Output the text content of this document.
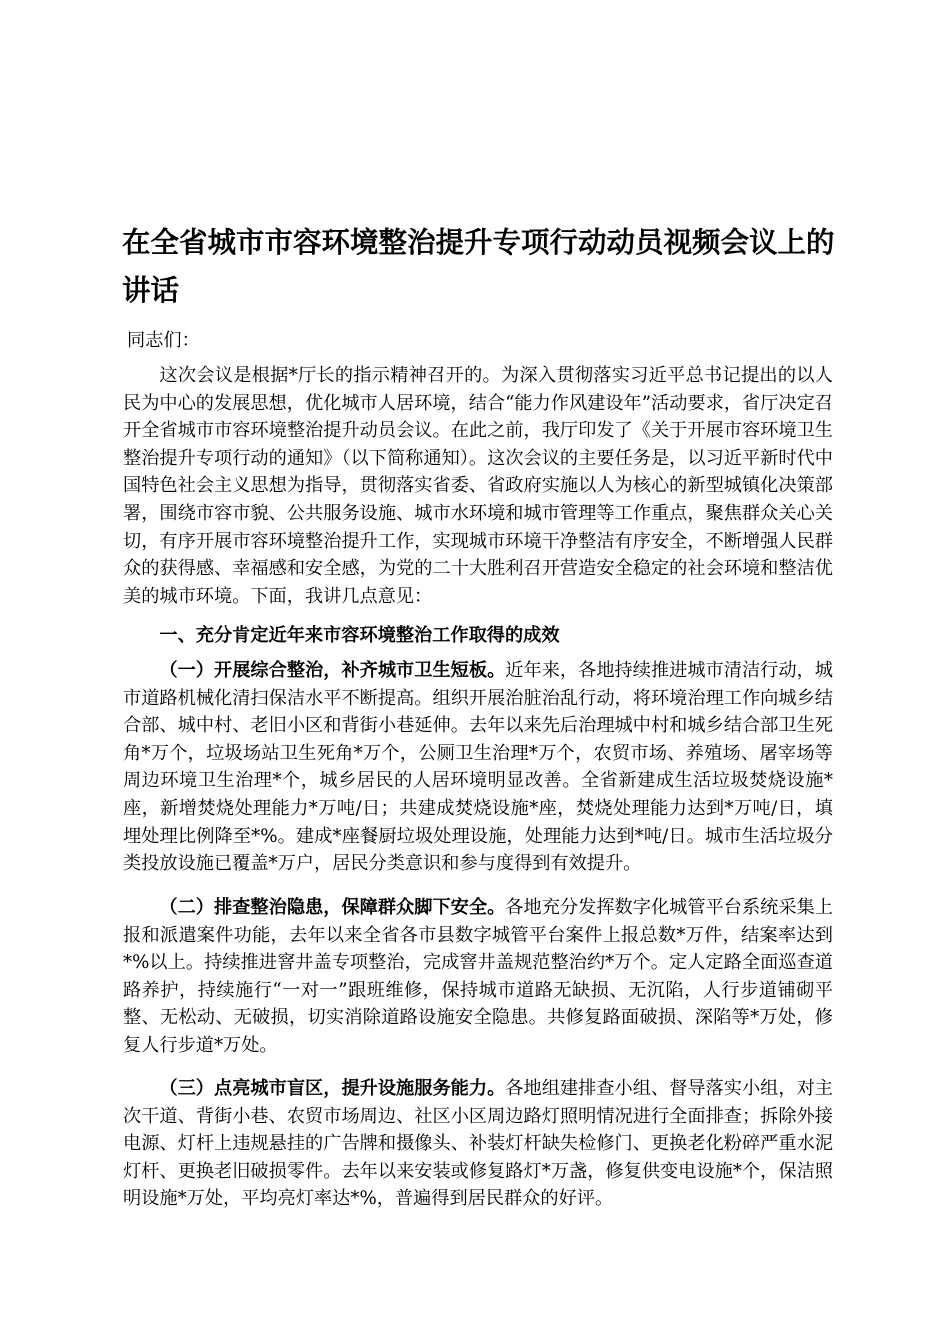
在全省城市市容环境整治提升专项行动动员视频会议上的讲话
同志们：
这次会议是根据*厅长的指示精神召开的。为深入贯彻落实习近平总书记提出的以人民为中心的发展思想，优化城市人居环境，结合“能力作风建设年”活动要求，省厅决定召开全省城市市容环境整治提升动员会议。在此之前，我厅印发了《关于开展市容环境卫生整治提升专项行动的通知》（以下简称通知）。这次会议的主要任务是，以习近平新时代中国特色社会主义思想为指导，贯彻落实省委、省政府实施以人为核心的新型城镇化决策部署，围绕市容市貌、公共服务设施、城市水环境和城市管理等工作重点，聚焦群众关心关切，有序开展市容环境整治提升工作，实现城市环境干净整洁有序安全，不断增强人民群众的获得感、幸福感和安全感，为党的二十大胜利召开营造安全稳定的社会环境和整洁优美的城市环境。下面，我讲几点意见：
一、充分肯定近年来市容环境整治工作取得的成效
（一）开展综合整治，补齐城市卫生短板。近年来，各地持续推进城市清洁行动，城市道路机械化清扫保洁水平不断提高。组织开展治脏治乱行动，将环境治理工作向城乡结合部、城中村、老旧小区和背街小巷延伸。去年以来先后治理城中村和城乡结合部卫生死角*万个，垃圾场站卫生死角*万个，公厕卫生治理*万个，农贸市场、养殖场、屠宰场等周边环境卫生治理*个，城乡居民的人居环境明显改善。全省新建成生活垃圾焚烧设施*座，新增焚烧处理能力*万吨/日；共建成焚烧设施*座，焚烧处理能力达到*万吨/日，填埋处理比例降至*%。建成*座餐厨垃圾处理设施，处理能力达到*吨/日。城市生活垃圾分类投放设施已覆盖*万户，居民分类意识和参与度得到有效提升。
（二）排查整治隐患，保障群众脚下安全。各地充分发挥数字化城管平台系统采集上报和派遣案件功能，去年以来全省各市县数字城管平台案件上报总数*万件，结案率达到*%以上。持续推进窨井盖专项整治，完成窨井盖规范整治约*万个。定人定路全面巡查道路养护，持续施行“一对一”跟班维修，保持城市道路无缺损、无沉陷，人行步道铺砌平整、无松动、无破损，切实消除道路设施安全隐患。共修复路面破损、深陷等*万处，修复人行步道*万处。
（三）点亮城市盲区，提升设施服务能力。各地组建排查小组、督导落实小组，对主次干道、背街小巷、农贸市场周边、社区小区周边路灯照明情况进行全面排查；拆除外接电源、灯杆上违规悬挂的广告牌和摄像头、补装灯杆缺失检修门、更换老化粉碎严重水泥灯杆、更换老旧破损零件。去年以来安装或修复路灯*万盏，修复供变电设施*个，保洁照明设施*万处，平均亮灯率达*%，普遍得到居民群众的好评。
